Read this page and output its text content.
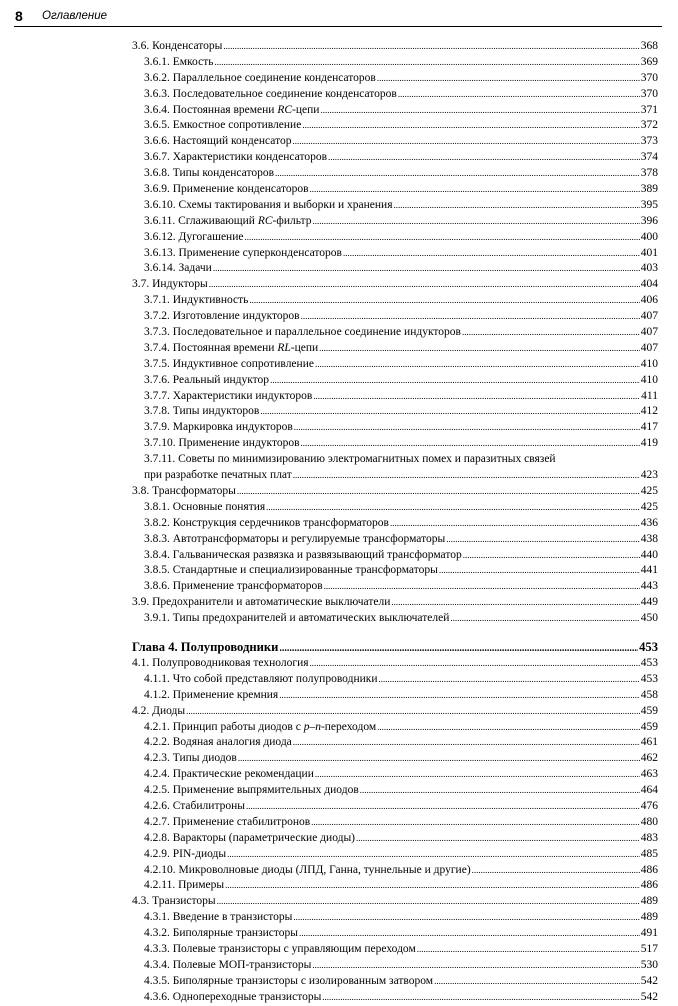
8 Оглавление
3.6. Конденсаторы .....	368
3.6.1. Емкость .....	369
3.6.2. Параллельное соединение конденсаторов .....	370
3.6.3. Последовательное соединение конденсаторов .....	370
3.6.4. Постоянная времени RC-цепи .....	371
3.6.5. Емкостное сопротивление .....	372
3.6.6. Настоящий конденсатор .....	373
3.6.7. Характеристики конденсаторов .....	374
3.6.8. Типы конденсаторов .....	378
3.6.9. Применение конденсаторов .....	389
3.6.10. Схемы тактирования и выборки и хранения .....	395
3.6.11. Сглаживающий RC-фильтр .....	396
3.6.12. Дугогашение .....	400
3.6.13. Применение суперконденсаторов .....	401
3.6.14. Задачи .....	403
3.7. Индукторы .....	404
3.7.1. Индуктивность .....	406
3.7.2. Изготовление индукторов .....	407
3.7.3. Последовательное и параллельное соединение индукторов .....	407
3.7.4. Постоянная времени RL-цепи .....	407
3.7.5. Индуктивное сопротивление .....	410
3.7.6. Реальный индуктор .....	410
3.7.7. Характеристики индукторов .....	411
3.7.8. Типы индукторов .....	412
3.7.9. Маркировка индукторов .....	417
3.7.10. Применение индукторов .....	419
3.7.11. Советы по минимизированию электромагнитных помех и паразитных связей
при разработке печатных плат .....	423
3.8. Трансформаторы .....	425
3.8.1. Основные понятия .....	425
3.8.2. Конструкция сердечников трансформаторов .....	436
3.8.3. Автотрансформаторы и регулируемые трансформаторы .....	438
3.8.4. Гальваническая развязка и развязывающий трансформатор .....	440
3.8.5. Стандартные и специализированные трансформаторы .....	441
3.8.6. Применение трансформаторов .....	443
3.9. Предохранители и автоматические выключатели .....	449
3.9.1. Типы предохранителей и автоматических выключателей .....	450
Глава 4. Полупроводники .....	453
4.1. Полупроводниковая технология .....	453
4.1.1. Что собой представляют полупроводники .....	453
4.1.2. Применение кремния .....	458
4.2. Диоды .....	459
4.2.1. Принцип работы диодов с p–n-переходом .....	459
4.2.2. Водяная аналогия диода .....	461
4.2.3. Типы диодов .....	462
4.2.4. Практические рекомендации .....	463
4.2.5. Применение выпрямительных диодов .....	464
4.2.6. Стабилитроны .....	476
4.2.7. Применение стабилитронов .....	480
4.2.8. Варакторы (параметрические диоды) .....	483
4.2.9. PIN-диоды .....	485
4.2.10. Микроволновые диоды (ЛПД, Ганна, туннельные и другие) .....	486
4.2.11. Примеры .....	486
4.3. Транзисторы .....	489
4.3.1. Введение в транзисторы .....	489
4.3.2. Биполярные транзисторы .....	491
4.3.3. Полевые транзисторы с управляющим переходом .....	517
4.3.4. Полевые МОП-транзисторы .....	530
4.3.5. Биполярные транзисторы с изолированным затвором .....	542
4.3.6. Одноперeходные транзисторы .....	542
